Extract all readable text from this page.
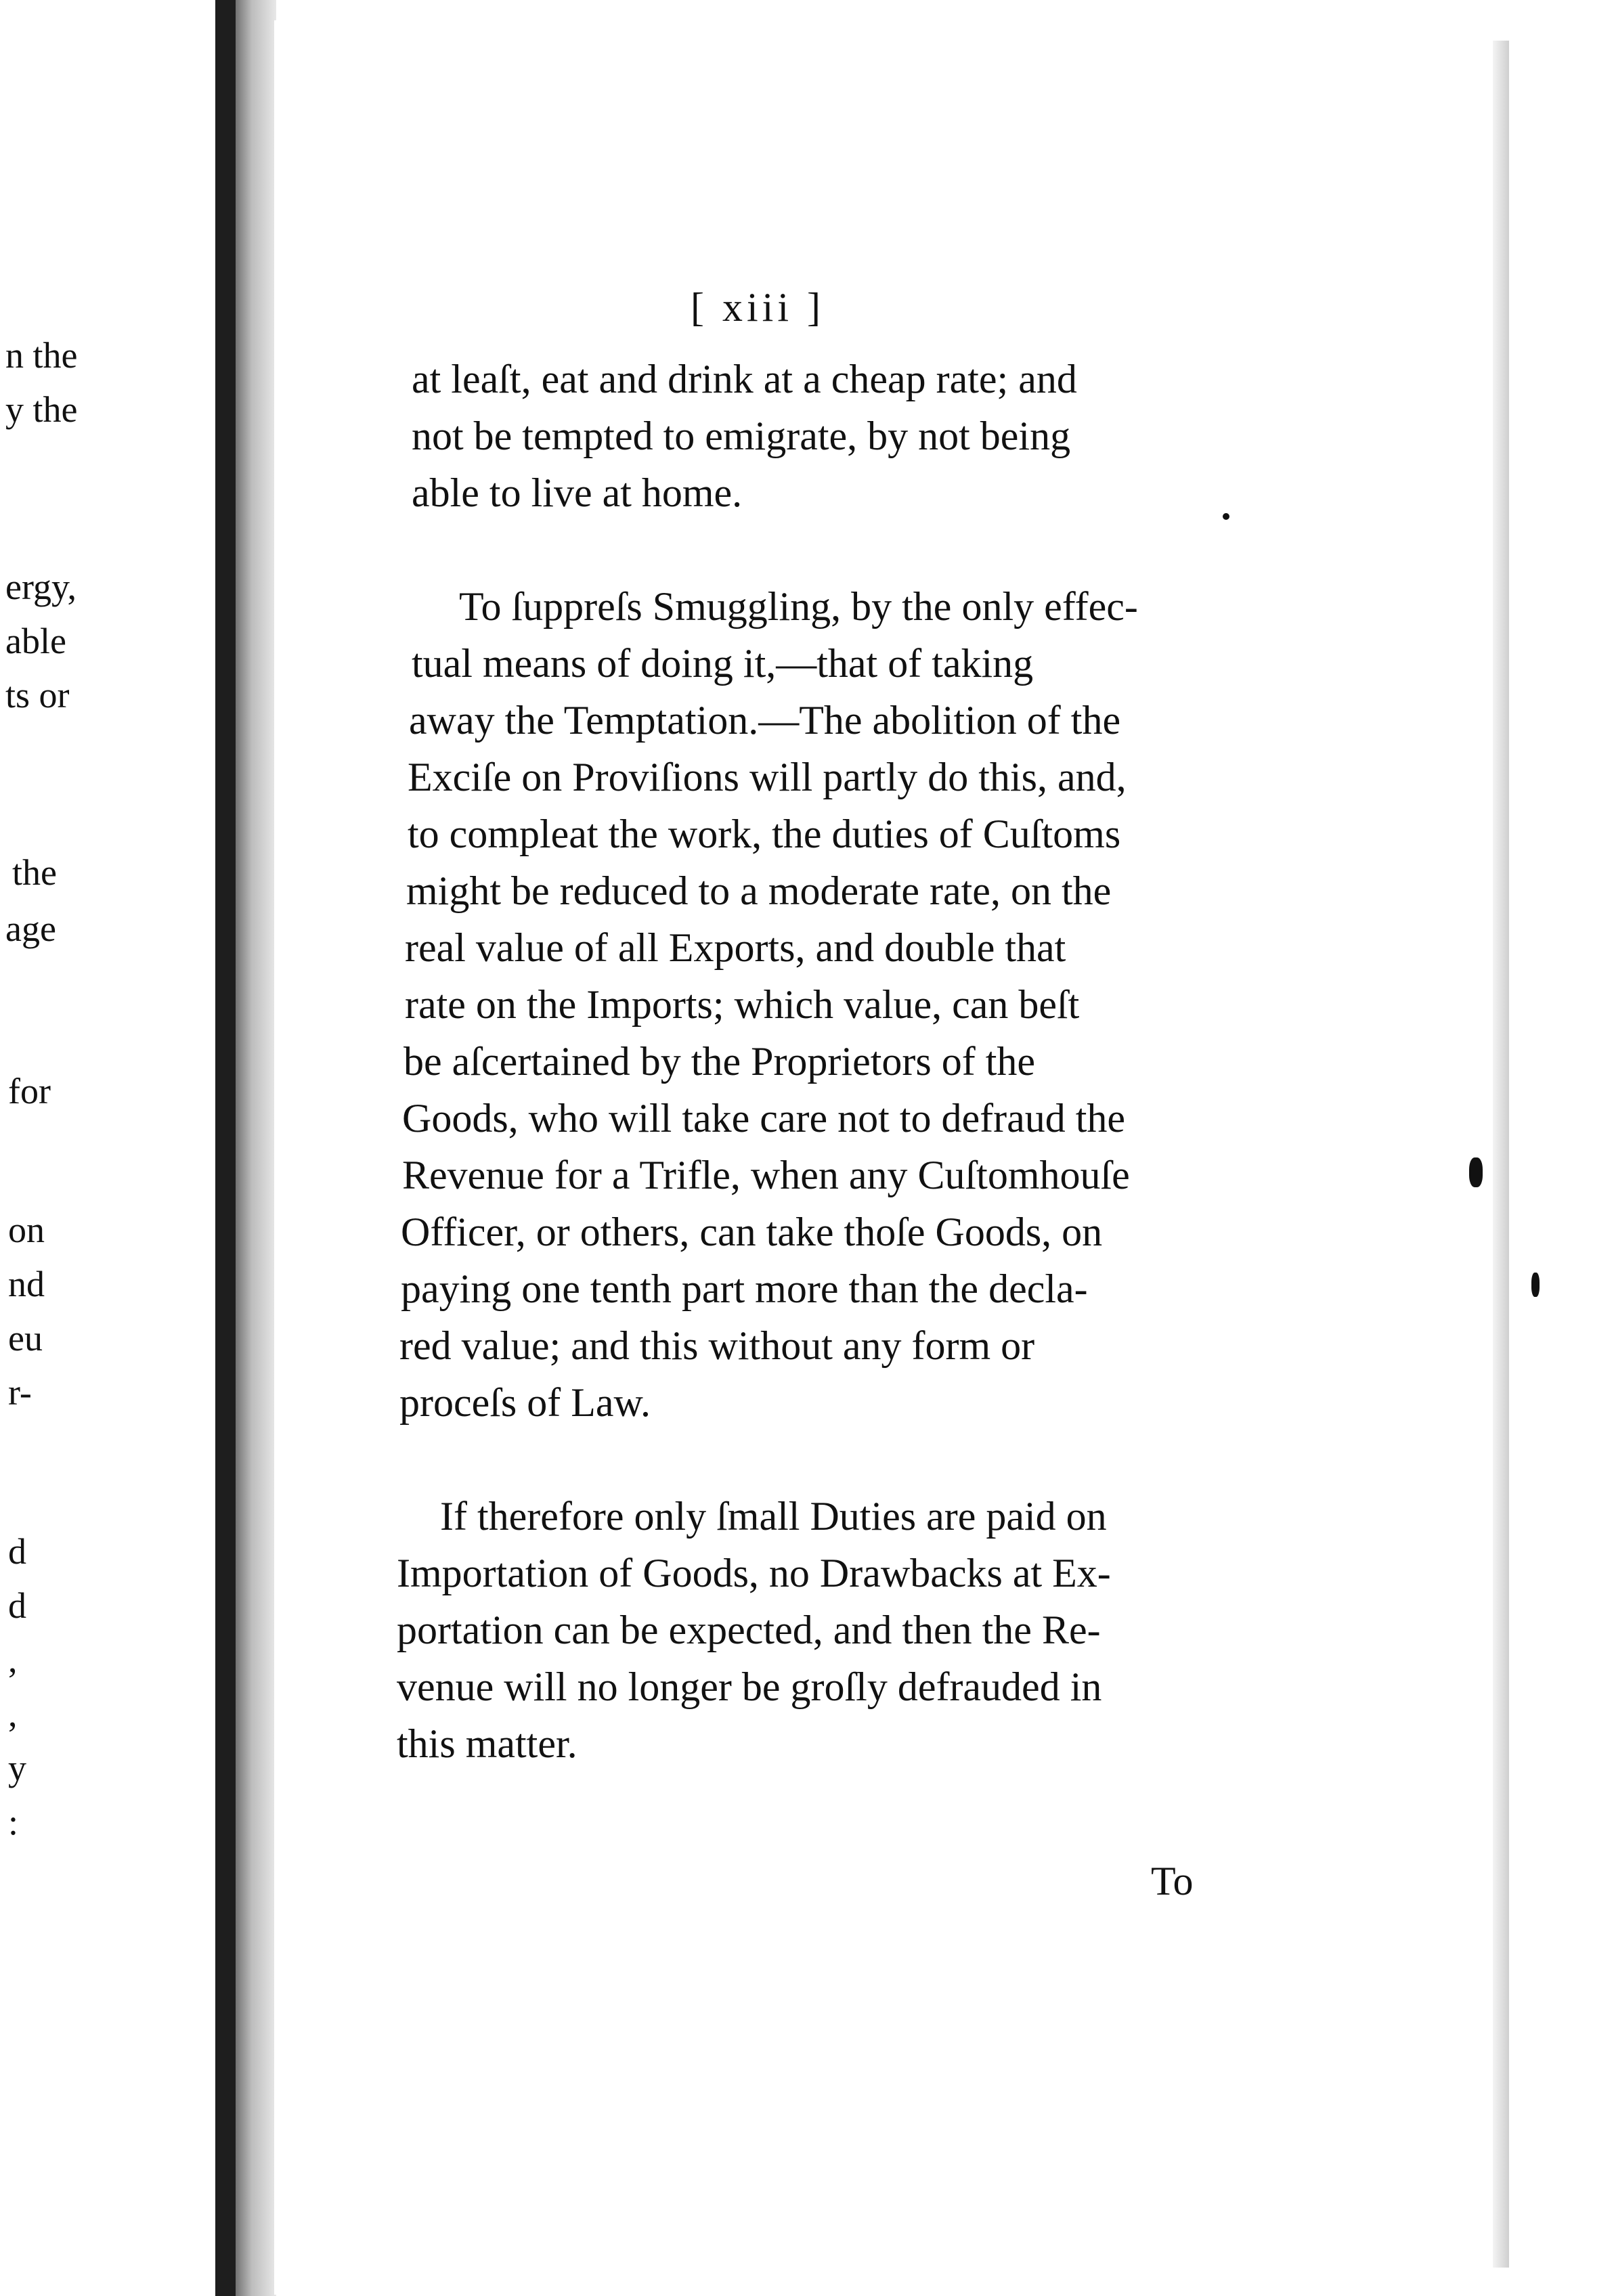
n the
y the
ergy,
able
ts or
the
age
for
on
nd
eu
r-
d
d
,
,
y
:
[ xiii ]
at leaſt, eat and drink at a cheap rate; and
not be tempted to emigrate, by not being
able to live at home.
To ſuppreſs Smuggling, by the only effec-
tual means of doing it,—that of taking
away the Temptation.—The abolition of the
Exciſe on Proviſions will partly do this, and,
to compleat the work, the duties of Cuſtoms
might be reduced to a moderate rate, on the
real value of all Exports, and double that
rate on the Imports; which value, can beſt
be aſcertained by the Proprietors of the
Goods, who will take care not to defraud the
Revenue for a Trifle, when any Cuſtomhouſe
Officer, or others, can take thoſe Goods, on
paying one tenth part more than the decla-
red value; and this without any form or
proceſs of Law.
If therefore only ſmall Duties are paid on
Importation of Goods, no Drawbacks at Ex-
portation can be expected, and then the Re-
venue will no longer be groſly defrauded in
this matter.
To
